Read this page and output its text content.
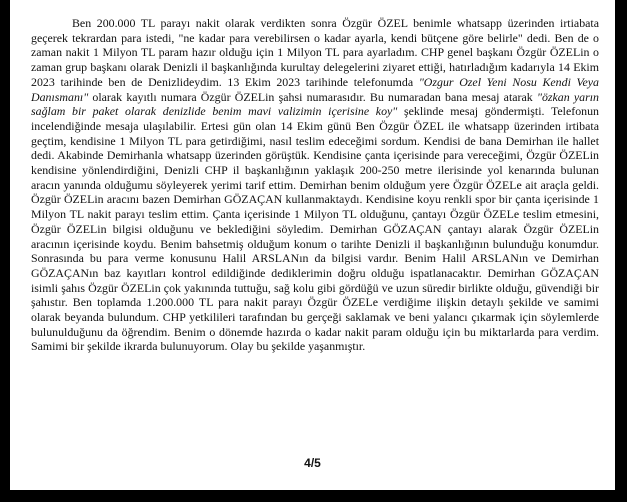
Ben 200.000 TL parayı nakit olarak verdikten sonra Özgür ÖZEL benimle whatsapp üzerinden irtiabata geçerek tekrardan para istedi, "ne kadar para verebilirsen o kadar ayarla, kendi bütçene göre belirle" dedi. Ben de o zaman nakit 1 Milyon TL param hazır olduğu için 1 Milyon TL para ayarladım. CHP genel başkanı Özgür ÖZELin o zaman grup başkanı olarak Denizli il başkanlığında kurultay delegelerini ziyaret ettiği, hatırladığım kadarıyla 14 Ekim 2023 tarihinde ben de Denizlideydim. 13 Ekim 2023 tarihinde telefonumda "Ozgur Ozel Yeni Nosu Kendi Veya Danısmanı" olarak kayıtlı numara Özgür ÖZELin şahsi numarasıdır. Bu numaradan bana mesaj atarak "özkan yarın sağlam bir paket olarak denizlide benim mavi valizimin içerisine koy" şeklinde mesaj göndermişti. Telefonun incelendiğinde mesaja ulaşılabilir. Ertesi gün olan 14 Ekim günü Ben Özgür ÖZEL ile whatsapp üzerinden irtibata geçtim, kendisine 1 Milyon TL para getirdiğimi, nasıl teslim edeceğimi sordum. Kendisi de bana Demirhan ile hallet dedi. Akabinde Demirhanla whatsapp üzerinden görüştük. Kendisine çanta içerisinde para vereceğimi, Özgür ÖZELin kendisine yönlendirdiğini, Denizli CHP il başkanlığının yaklaşık 200-250 metre ilerisinde yol kenarında bulunan aracın yanında olduğumu söyleyerek yerimi tarif ettim. Demirhan benim olduğum yere Özgür ÖZELe ait araçla geldi. Özgür ÖZELin aracını bazen Demirhan GÖZAÇAN kullanmaktaydı. Kendisine koyu renkli spor bir çanta içerisinde 1 Milyon TL nakit parayı teslim ettim. Çanta içerisinde 1 Milyon TL olduğunu, çantayı Özgür ÖZELe teslim etmesini, Özgür ÖZELin bilgisi olduğunu ve beklediğini söyledim. Demirhan GÖZAÇAN çantayı alarak Özgür ÖZELin aracının içerisinde koydu. Benim bahsetmiş olduğum konum o tarihte Denizli il başkanlığının bulunduğu konumdur. Sonrasında bu para verme konusunu Halil ARSLANın da bilgisi vardır. Benim Halil ARSLANın ve Demirhan GÖZAÇANın baz kayıtları kontrol edildiğinde dediklerimin doğru olduğu ispatlanacaktır. Demirhan GÖZAÇAN isimli şahıs Özgür ÖZELin çok yakınında tuttuğu, sağ kolu gibi gördüğü ve uzun süredir birlikte olduğu, güvendiği bir şahıstır. Ben toplamda 1.200.000 TL para nakit parayı Özgür ÖZELe verdiğime ilişkin detaylı şekilde ve samimi olarak beyanda bulundum. CHP yetkilileri tarafından bu gerçeği saklamak ve beni yalancı çıkarmak için söylemlerde bulunulduğunu da öğrendim. Benim o dönemde hazırda o kadar nakit param olduğu için bu miktarlarda para verdim. Samimi bir şekilde ikrarda bulunuyorum. Olay bu şekilde yaşanmıştır.

4/5
